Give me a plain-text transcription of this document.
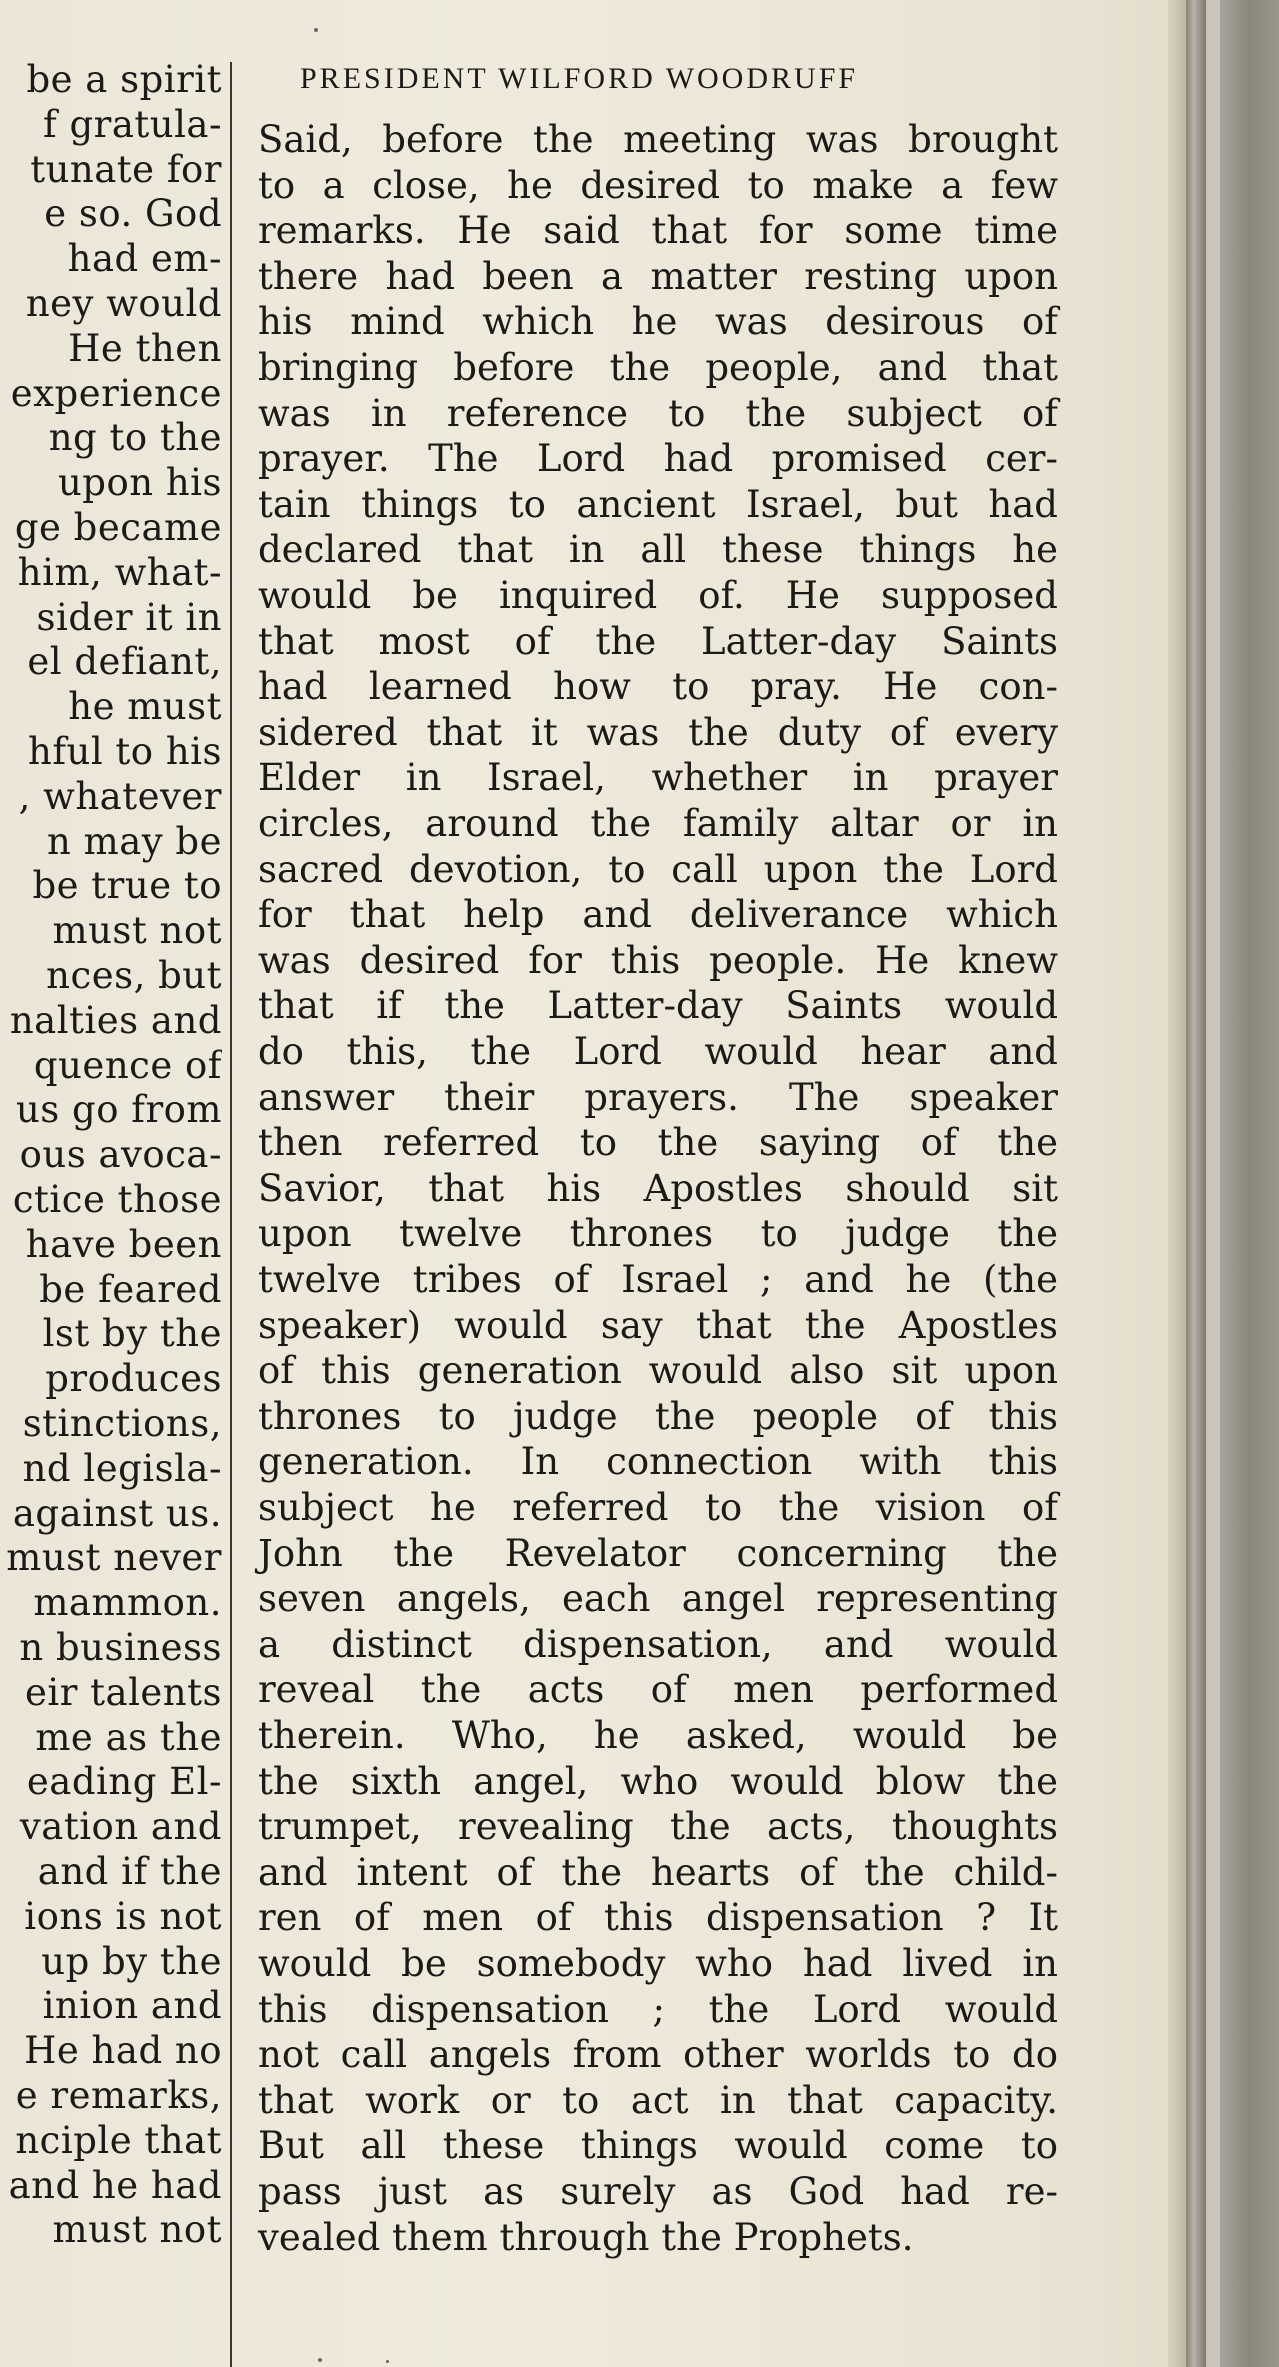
be a spirit
f gratula-
tunate for
e so. God
had em-
ney would
He then
experience
ng to the
upon his
ge became
him, what-
sider it in
el defiant,
he must
hful to his
, whatever
n may be
be true to
must not
nces, but
nalties and
quence of
us go from
ous avoca-
ctice those
have been
be feared
lst by the
produces
stinctions,
nd legisla-
against us.
must never
mammon.
n business
eir talents
me as the
eading El-
vation and
and if the
ions is not
up by the
inion and
He had no
e remarks,
nciple that
and he had
must not
PRESIDENT WILFORD WOODRUFF
Said, before the meeting was brought
to a close, he desired to make a few
remarks. He said that for some time
there had been a matter resting upon
his mind which he was desirous of
bringing before the people, and that
was in reference to the subject of
prayer. The Lord had promised cer-
tain things to ancient Israel, but had
declared that in all these things he
would be inquired of. He supposed
that most of the Latter-day Saints
had learned how to pray. He con-
sidered that it was the duty of every
Elder in Israel, whether in prayer
circles, around the family altar or in
sacred devotion, to call upon the Lord
for that help and deliverance which
was desired for this people. He knew
that if the Latter-day Saints would
do this, the Lord would hear and
answer their prayers. The speaker
then referred to the saying of the
Savior, that his Apostles should sit
upon twelve thrones to judge the
twelve tribes of Israel ; and he (the
speaker) would say that the Apostles
of this generation would also sit upon
thrones to judge the people of this
generation. In connection with this
subject he referred to the vision of
John the Revelator concerning the
seven angels, each angel representing
a distinct dispensation, and would
reveal the acts of men performed
therein. Who, he asked, would be
the sixth angel, who would blow the
trumpet, revealing the acts, thoughts
and intent of the hearts of the child-
ren of men of this dispensation ? It
would be somebody who had lived in
this dispensation ; the Lord would
not call angels from other worlds to do
that work or to act in that capacity.
But all these things would come to
pass just as surely as God had re-
vealed them through the Prophets.
